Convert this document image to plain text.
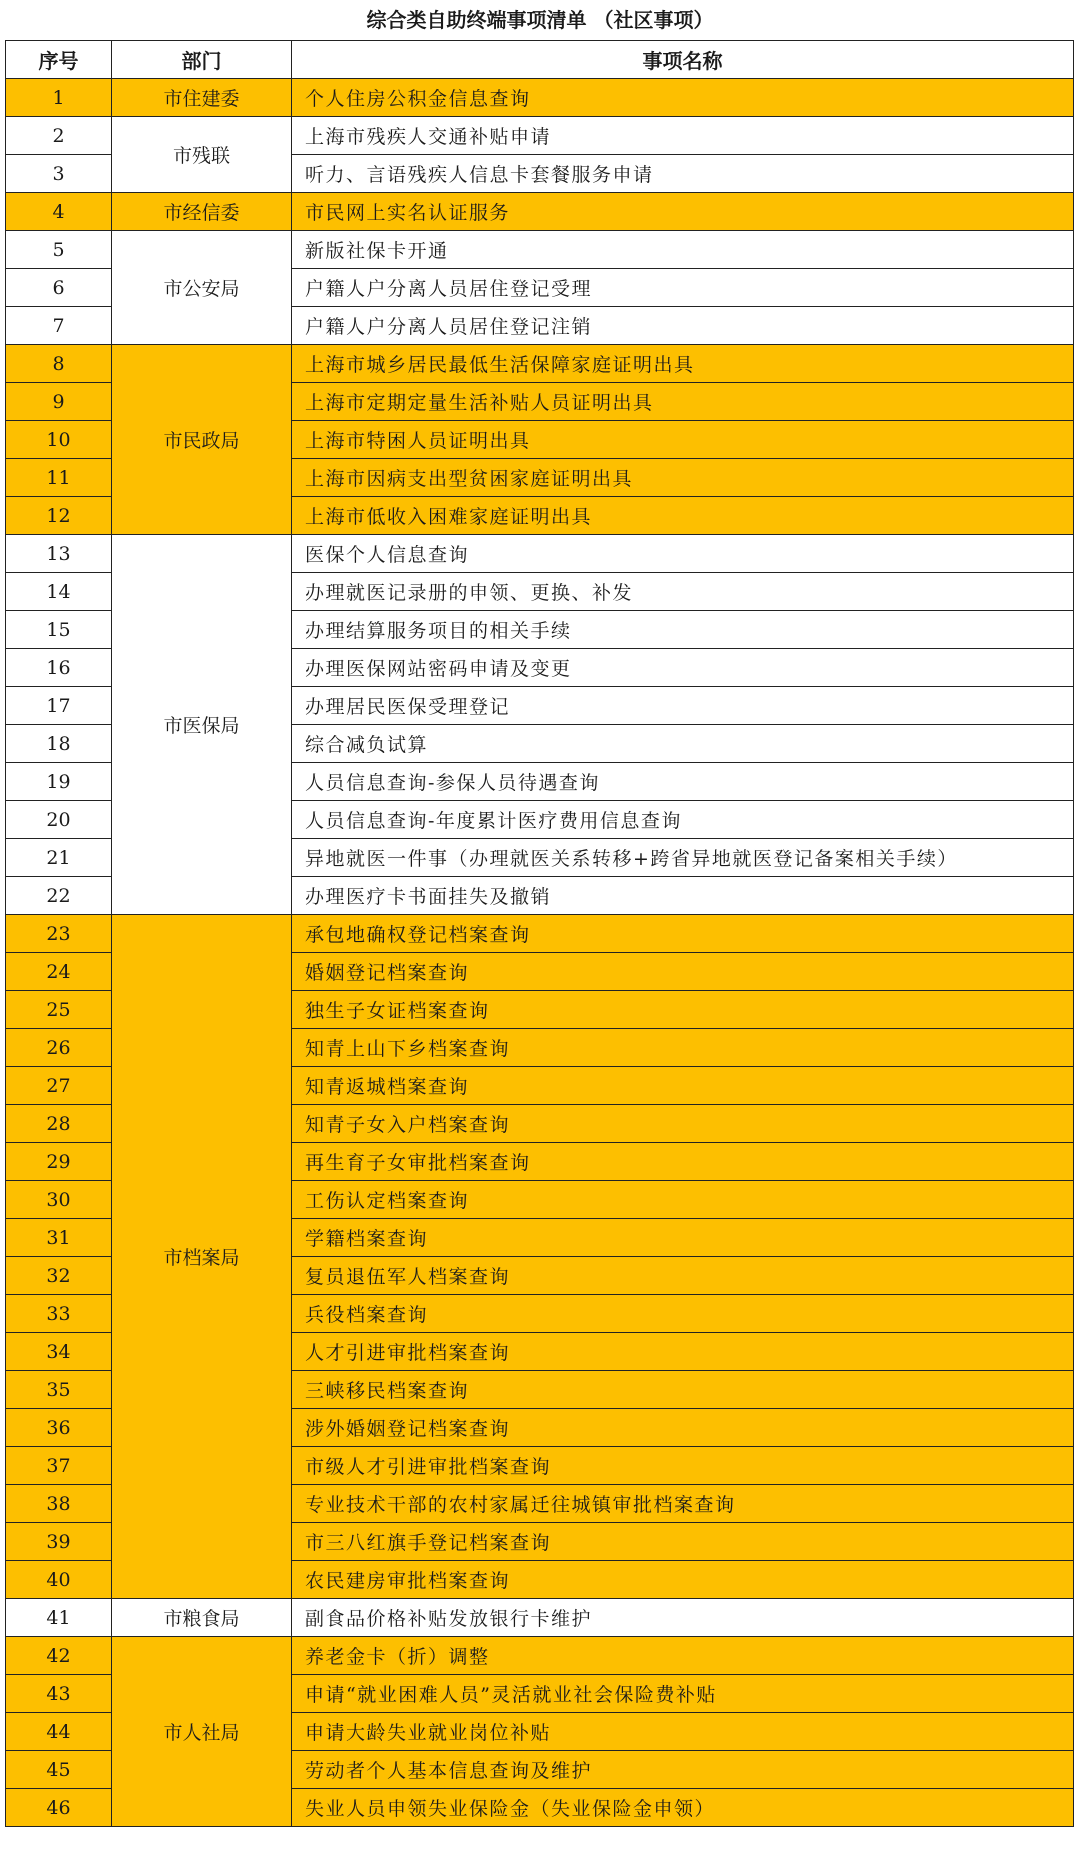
综合类自助终端事项清单 （社区事项）
序号	部门	事项名称
1	市住建委	个人住房公积金信息查询
2	市残联	上海市残疾人交通补贴申请
3		听力、言语残疾人信息卡套餐服务申请
4	市经信委	市民网上实名认证服务
5	市公安局	新版社保卡开通
6		户籍人户分离人员居住登记受理
7		户籍人户分离人员居住登记注销
8	市民政局	上海市城乡居民最低生活保障家庭证明出具
9		上海市定期定量生活补贴人员证明出具
10		上海市特困人员证明出具
11		上海市因病支出型贫困家庭证明出具
12		上海市低收入困难家庭证明出具
13	市医保局	医保个人信息查询
14		办理就医记录册的申领、更换、补发
15		办理结算服务项目的相关手续
16		办理医保网站密码申请及变更
17		办理居民医保受理登记
18		综合减负试算
19		人员信息查询-参保人员待遇查询
20		人员信息查询-年度累计医疗费用信息查询
21		异地就医一件事（办理就医关系转移+跨省异地就医登记备案相关手续）
22		办理医疗卡书面挂失及撤销
23	市档案局	承包地确权登记档案查询
24		婚姻登记档案查询
25		独生子女证档案查询
26		知青上山下乡档案查询
27		知青返城档案查询
28		知青子女入户档案查询
29		再生育子女审批档案查询
30		工伤认定档案查询
31		学籍档案查询
32		复员退伍军人档案查询
33		兵役档案查询
34		人才引进审批档案查询
35		三峡移民档案查询
36		涉外婚姻登记档案查询
37		市级人才引进审批档案查询
38		专业技术干部的农村家属迁往城镇审批档案查询
39		市三八红旗手登记档案查询
40		农民建房审批档案查询
41	市粮食局	副食品价格补贴发放银行卡维护
42	市人社局	养老金卡（折）调整
43		申请“就业困难人员”灵活就业社会保险费补贴
44		申请大龄失业就业岗位补贴
45		劳动者个人基本信息查询及维护
46		失业人员申领失业保险金（失业保险金申领）
